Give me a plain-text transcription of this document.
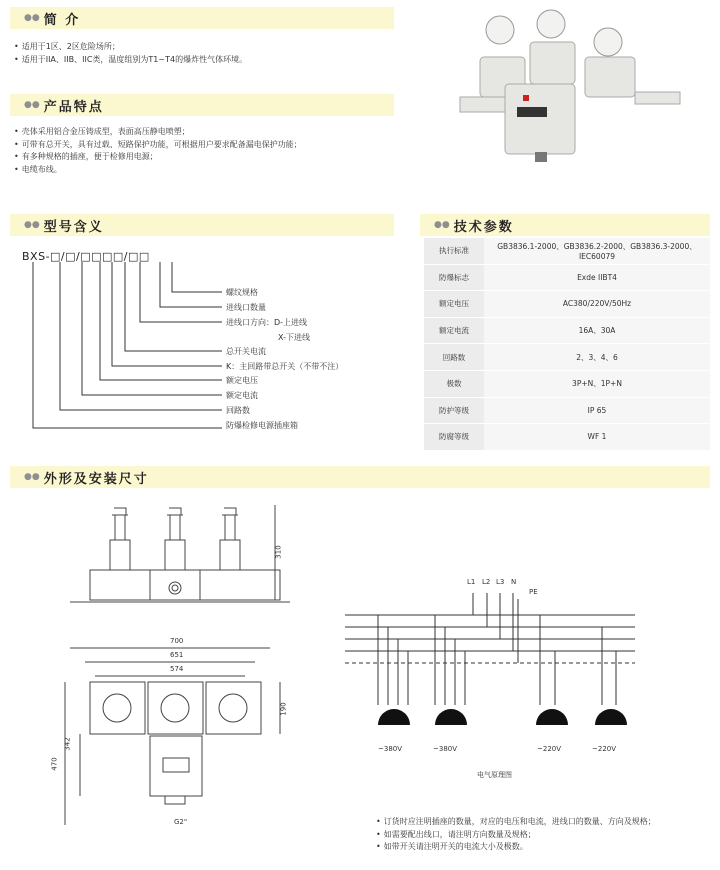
●● 简 介
• 适用于1区、2区危险场所；
• 适用于IIA、IIB、IIC类，温度组别为T1~T4的爆炸性气体环境。
●● 产品特点
• 壳体采用铝合金压铸成型，表面高压静电喷塑；
• 可带有总开关，具有过载、短路保护功能，可根据用户要求配备漏电保护功能；
• 有多种规格的插座，便于检修用电源；
• 电缆布线。
●● 型号含义
BXS-□/□/□□□□/□□
螺纹规格
进线口数量
进线口方向：D-上进线
X-下进线
总开关电流
K：主回路带总开关（不带不注）
额定电压
额定电流
回路数
防爆检修电源插座箱
●● 技术参数
执行标准	GB3836.1-2000、GB3836.2-2000、GB3836.3-2000、IEC60079
防爆标志	Exde IIBT4
额定电压	AC380/220V/50Hz
额定电流	16A、30A
回路数	2、3、4、6
极数	3P+N、1P+N
防护等级	IP 65
防腐等级	WF 1
●● 外形及安装尺寸
310
700
651
574
190
342
470
G2"
L1 L2 L3 N
PE
~380V	~380V	~220V	~220V
电气原理图
• 订货时应注明插座的数量，对应的电压和电流，进线口的数量、方向及规格；
• 如需要配出线口，请注明方向数量及规格；
• 如带开关请注明开关的电流大小及极数。
